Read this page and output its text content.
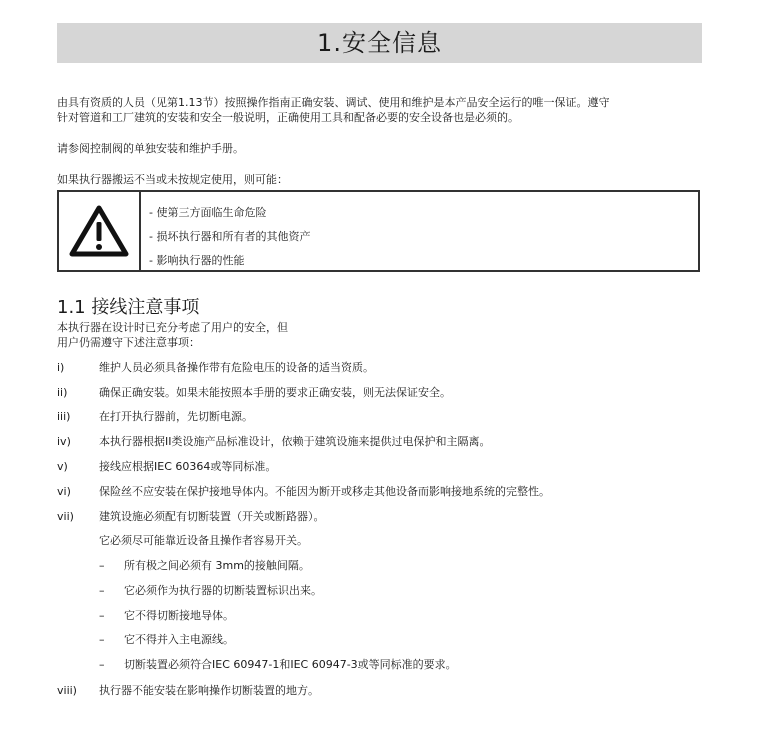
1.安全信息

由具有资质的人员（见第1.13节）按照操作指南正确安装、调试、使用和维护是本产品安全运行的唯一保证。遵守

针对管道和工厂建筑的安装和安全一般说明，正确使用工具和配备必要的安全设备也是必须的。

请参阅控制阀的单独安装和维护手册。

如果执行器搬运不当或未按规定使用，则可能：

- 使第三方面临生命危险
- 损坏执行器和所有者的其他资产
- 影响执行器的性能
1.1 接线注意事项

本执行器在设计时已充分考虑了用户的安全，但

用户仍需遵守下述注意事项：

i)	维护人员必须具备操作带有危险电压的设备的适当资质。
ii)	确保正确安装。如果未能按照本手册的要求正确安装，则无法保证安全。
iii)	在打开执行器前，先切断电源。
iv)	本执行器根据II类设施产品标准设计，依赖于建筑设施来提供过电保护和主隔离。
v)	接线应根据IEC 60364或等同标准。
vi)	保险丝不应安装在保护接地导体内。不能因为断开或移走其他设备而影响接地系统的完整性。
vii)	建筑设施必须配有切断装置（开关或断路器）。
它必须尽可能靠近设备且操作者容易开关。
– 所有极之间必须有 3mm的接触间隔。
– 它必须作为执行器的切断装置标识出来。
– 它不得切断接地导体。
– 它不得并入主电源线。
– 切断装置必须符合IEC 60947-1和IEC 60947-3或等同标准的要求。
viii)	执行器不能安装在影响操作切断装置的地方。
